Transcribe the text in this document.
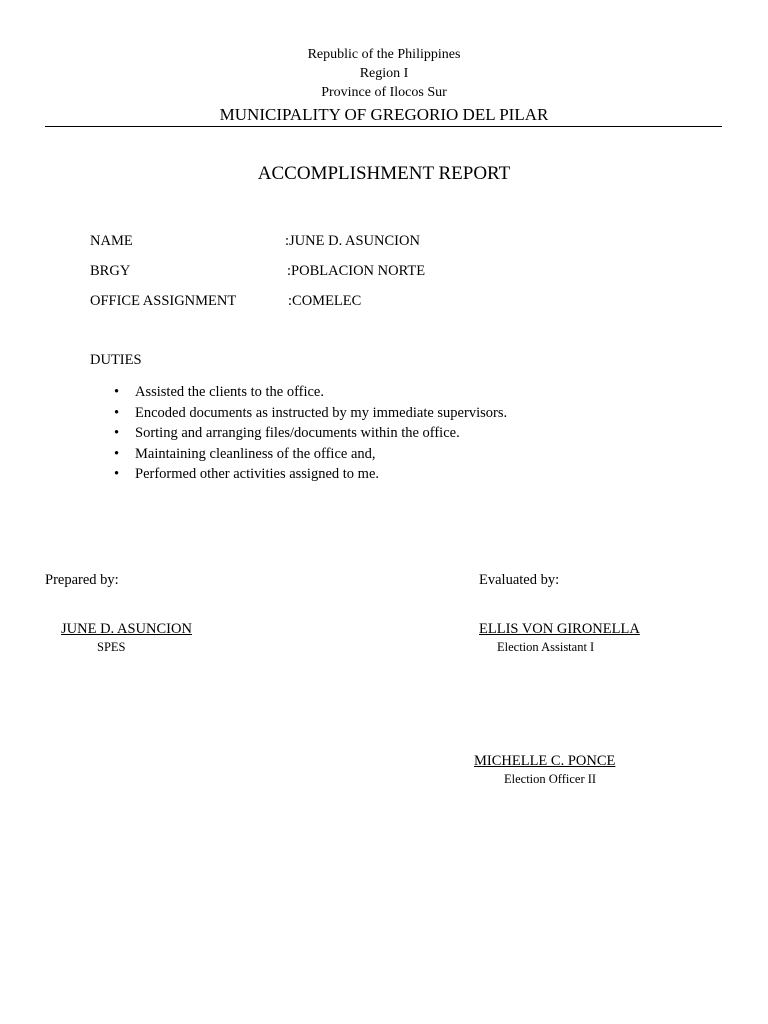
Republic of the Philippines
Region I
Province of Ilocos Sur
MUNICIPALITY OF GREGORIO DEL PILAR
ACCOMPLISHMENT REPORT
NAME	:JUNE D. ASUNCION
BRGY	:POBLACION NORTE
OFFICE ASSIGNMENT	:COMELEC
DUTIES
• Assisted the clients to the office.
• Encoded documents as instructed by my immediate supervisors.
• Sorting and arranging files/documents within the office.
• Maintaining cleanliness of the office and,
• Performed other activities assigned to me.
Prepared by:	Evaluated by:
JUNE D. ASUNCION
SPES
ELLIS VON GIRONELLA
Election Assistant I
MICHELLE C. PONCE
Election Officer II
